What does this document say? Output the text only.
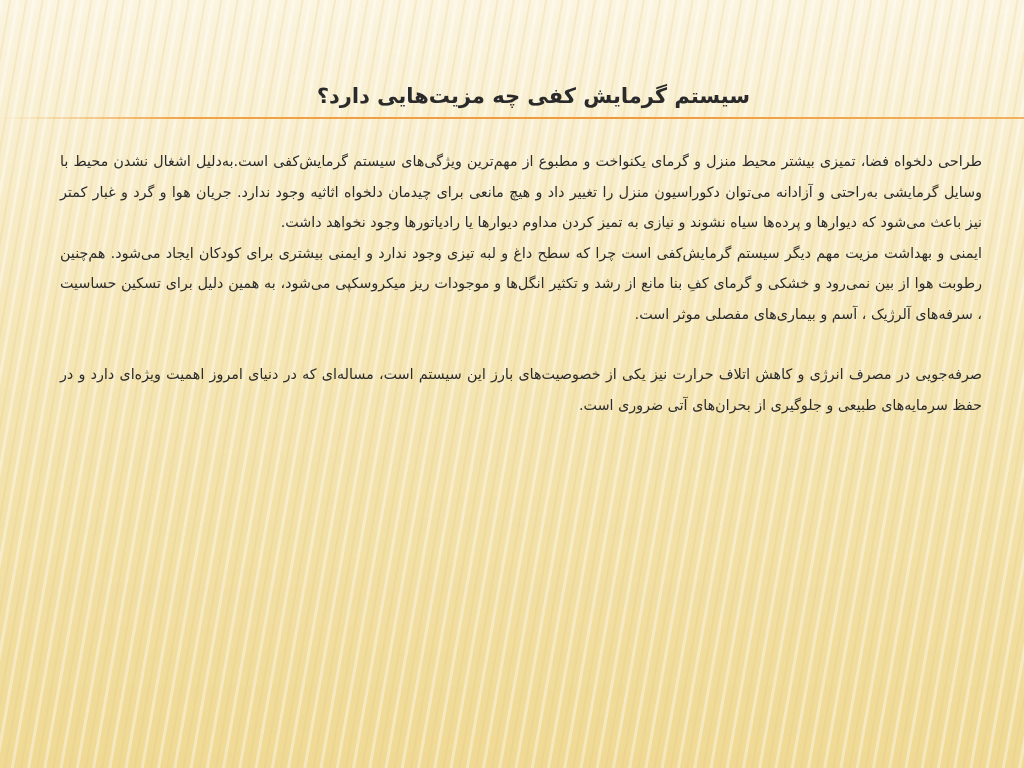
سیستم گرمایش کفی چه مزیت‌هایی دارد؟

طراحی دلخواه فضا، تمیزی بیشتر محیط منزل و گرمای یکنواخت و مطبوع از مهم‌ترین ویژگی‌های سیستم گرمایش‌کفی است.به‌دلیل اشغال نشدن محیط با وسایل گرمایشی به‌راحتی و آزادانه می‌توان دکوراسیون منزل را تغییر داد و هیچ مانعی برای چیدمان دلخواه اثاثیه وجود ندارد. جریان هوا و گرد و غبار کمتر نیز باعث می‌شود که دیوارها و پرده‌ها سیاه نشوند و نیازی به تمیز کردن مداوم دیوارها یا رادیاتورها وجود نخواهد داشت.

ایمنی و بهداشت مزیت مهم دیگر سیستم گرمایش‌کفی است چرا که سطح داغ و لبه تیزی وجود ندارد و ایمنی بیشتری برای کودکان ایجاد می‌شود. هم‌چنین رطوبت هوا از بین نمی‌رود و خشکی و گرمای کفِ بنا مانع از رشد و تکثیر انگل‌ها و موجودات ریز میکروسکپی می‌شود، به همین دلیل برای تسکین حساسیت ، سرفه‌های آلرژیک ، آسم و بیماری‌های مفصلی موثر است.

صرفه‌جویی در مصرف انرژی و کاهش اتلاف حرارت نیز یکی از خصوصیت‌های بارز این سیستم است، مساله‌ای که در دنیای امروز اهمیت ویژه‌ای دارد و در حفظ سرمایه‌های طبیعی و جلوگیری از بحران‌های آتی ضروری است.
